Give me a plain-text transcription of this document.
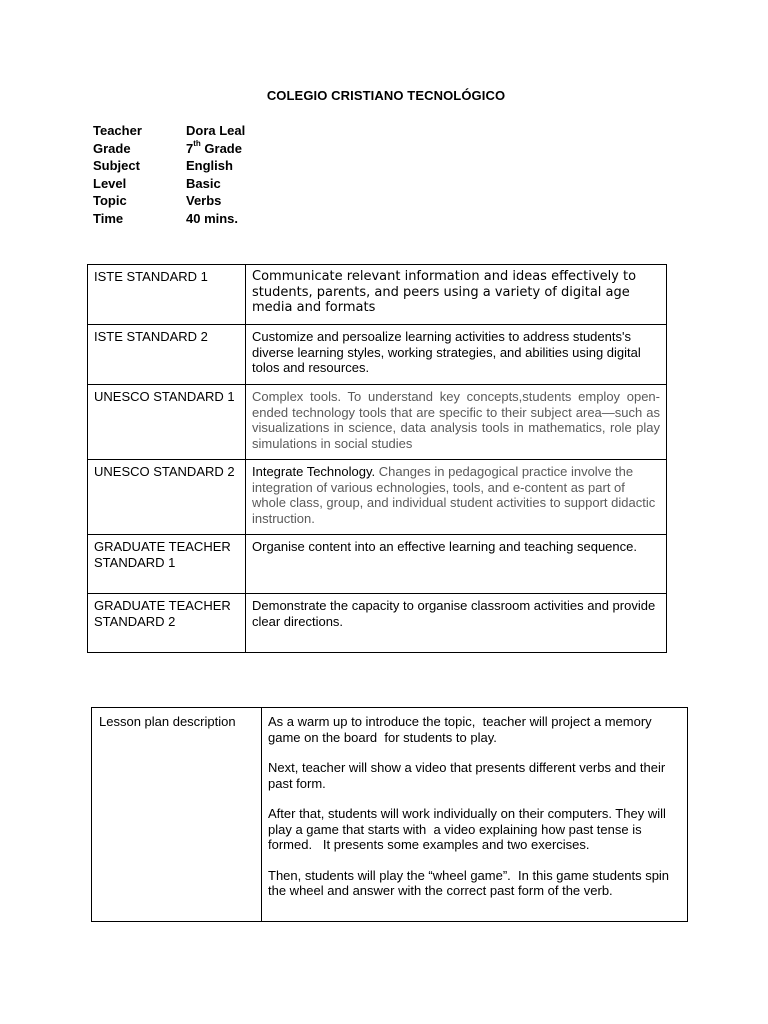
COLEGIO CRISTIANO TECNOLÓGICO
Teacher	Dora Leal
Grade	7th Grade
Subject	English
Level	Basic
Topic	Verbs
Time	40 mins.
ISTE STANDARD 1	Communicate relevant information and ideas effectively to students, parents, and peers using a variety of digital age media and formats
ISTE STANDARD 2	Customize and persoalize learning activities to address students's diverse learning styles, working strategies, and abilities using digital tolos and resources.
UNESCO STANDARD 1	Complex tools. To understand key concepts,students employ open-ended technology tools that are specific to their subject area—such as visualizations in science, data analysis tools in mathematics, role play simulations in social studies
UNESCO STANDARD 2	Integrate Technology. Changes in pedagogical practice involve the integration of various echnologies, tools, and e-content as part of whole class, group, and individual student activities to support didactic instruction.
GRADUATE TEACHER STANDARD 1	Organise content into an effective learning and teaching sequence.
GRADUATE TEACHER STANDARD 2	Demonstrate the capacity to organise classroom activities and provide clear directions.
Lesson plan description	As a warm up to introduce the topic,  teacher will project a memory game on the board  for students to play.

Next, teacher will show a video that presents different verbs and their past form.

After that, students will work individually on their computers. They will play a game that starts with  a video explaining how past tense is formed.   It presents some examples and two exercises.

Then, students will play the “wheel game”.  In this game students spin the wheel and answer with the correct past form of the verb.
